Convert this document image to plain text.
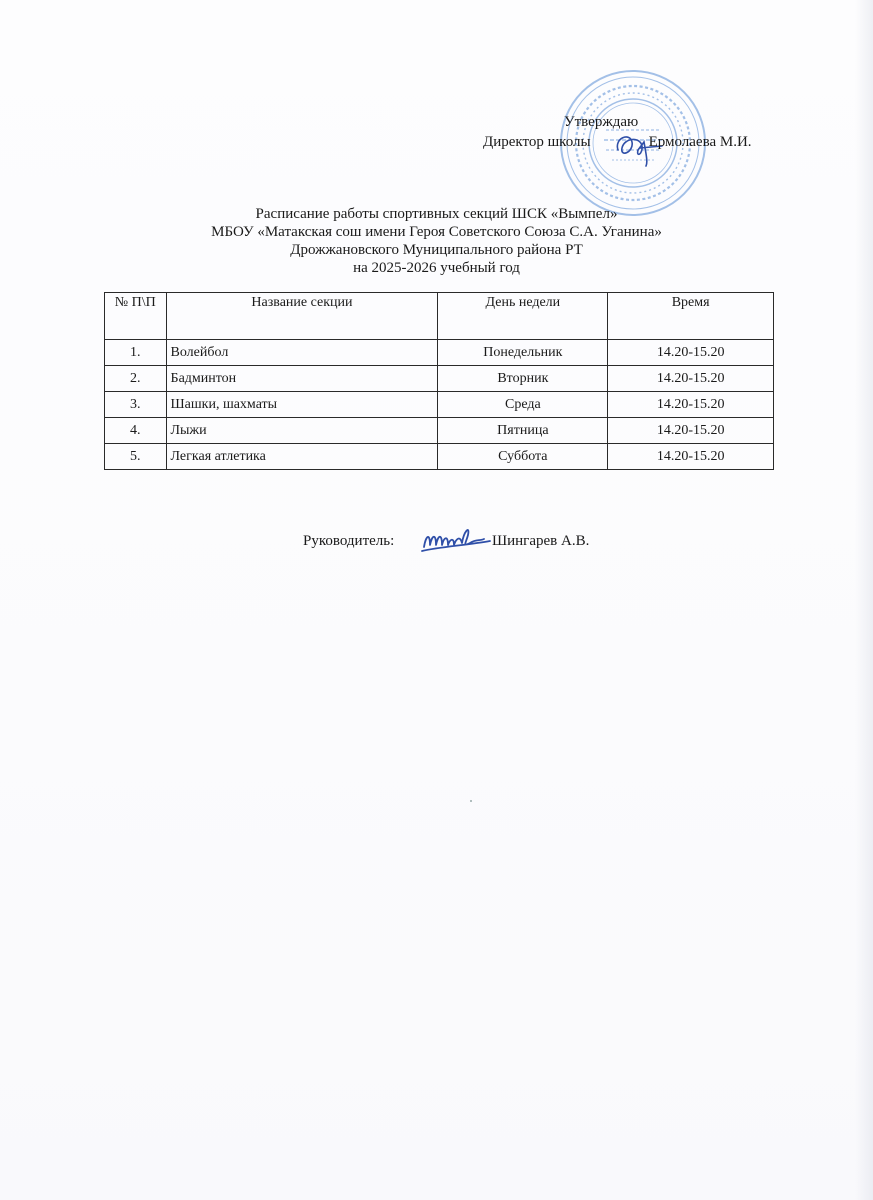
Утверждаю
Директор школы	Ермолаева М.И.
Расписание работы спортивных секций ШСК «Вымпел»
МБОУ «Матакская сош имени Героя Советского Союза С.А. Уганина»
Дрожжановского Муниципального района РТ
на 2025-2026 учебный год
№ П\П	Название секции	День недели	Время
1.	Волейбол	Понедельник	14.20-15.20
2.	Бадминтон	Вторник	14.20-15.20
3.	Шашки, шахматы	Среда	14.20-15.20
4.	Лыжи	Пятница	14.20-15.20
5.	Легкая атлетика	Суббота	14.20-15.20
Руководитель:	Шингарев А.В.
